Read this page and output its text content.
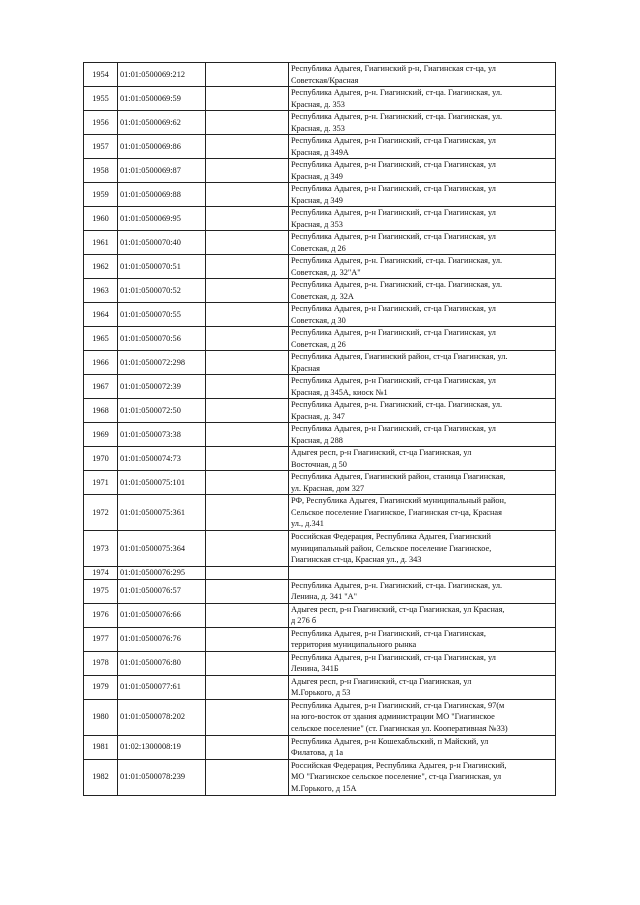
1954	01:01:0500069:212		Республика Адыгея, Гиагинский р-н, Гиагинская ст-ца, ул
Советская/Красная
1955	01:01:0500069:59		Республика Адыгея, р-н. Гиагинский, ст-ца. Гиагинская, ул.
Красная, д. 353
1956	01:01:0500069:62		Республика Адыгея, р-н. Гиагинский, ст-ца. Гиагинская, ул.
Красная, д. 353
1957	01:01:0500069:86		Республика Адыгея, р-н Гиагинский, ст-ца Гиагинская, ул
Красная, д 349А
1958	01:01:0500069:87		Республика Адыгея, р-н Гиагинский, ст-ца Гиагинская, ул
Красная, д 349
1959	01:01:0500069:88		Республика Адыгея, р-н Гиагинский, ст-ца Гиагинская, ул
Красная, д 349
1960	01:01:0500069:95		Республика Адыгея, р-н Гиагинский, ст-ца Гиагинская, ул
Красная, д 353
1961	01:01:0500070:40		Республика Адыгея, р-н Гиагинский, ст-ца Гиагинская, ул
Советская, д 26
1962	01:01:0500070:51		Республика Адыгея, р-н. Гиагинский, ст-ца. Гиагинская, ул.
Советская, д. 32"А"
1963	01:01:0500070:52		Республика Адыгея, р-н. Гиагинский, ст-ца. Гиагинская, ул.
Советская, д. 32А
1964	01:01:0500070:55		Республика Адыгея, р-н Гиагинский, ст-ца Гиагинская, ул
Советская, д 30
1965	01:01:0500070:56		Республика Адыгея, р-н Гиагинский, ст-ца Гиагинская, ул
Советская, д 26
1966	01:01:0500072:298		Республика Адыгея, Гиагинский район, ст-ца Гиагинская, ул.
Красная
1967	01:01:0500072:39		Республика Адыгея, р-н Гиагинский, ст-ца Гиагинская, ул
Красная, д 345А, киоск №1
1968	01:01:0500072:50		Республика Адыгея, р-н. Гиагинский, ст-ца. Гиагинская, ул.
Красная, д. 347
1969	01:01:0500073:38		Республика Адыгея, р-н Гиагинский, ст-ца Гиагинская, ул
Красная, д 288
1970	01:01:0500074:73		Адыгея респ, р-н Гиагинский, ст-ца Гиагинская, ул
Восточная, д 50
1971	01:01:0500075:101		Республика Адыгея, Гиагинский район, станица Гиагинская,
ул. Красная, дом 327
1972	01:01:0500075:361		РФ, Республика Адыгея, Гиагинский муниципальный район,
Сельское поселение Гиагинское, Гиагинская ст-ца, Красная
ул., д.341
1973	01:01:0500075:364		Российская Федерация, Республика Адыгея, Гиагинский
муниципальный район, Сельское поселение Гиагинское,
Гиагинская ст-ца, Красная ул., д. 343
1974	01:01:0500076:295		
1975	01:01:0500076:57		Республика Адыгея, р-н. Гиагинский, ст-ца. Гиагинская, ул.
Ленина, д. 341 "А"
1976	01:01:0500076:66		Адыгея респ, р-н Гиагинский, ст-ца Гиагинская, ул Красная,
д 276 б
1977	01:01:0500076:76		Республика Адыгея, р-н Гиагинский, ст-ца Гиагинская,
территория муниципального рынка
1978	01:01:0500076:80		Республика Адыгея, р-н Гиагинский, ст-ца Гиагинская, ул
Ленина, 341Б
1979	01:01:0500077:61		Адыгея респ, р-н Гиагинский, ст-ца Гиагинская, ул
М.Горького, д 53
1980	01:01:0500078:202		Республика Адыгея, р-н Гиагинский, ст-ца Гиагинская, 97(м
на юго-восток от здания администрации МО "Гиагинское
сельское поселение" (ст. Гиагинская ул. Кооперативная №33)
1981	01:02:1300008:19		Республика Адыгея, р-н Кошехабльский, п Майский, ул
Филатова, д 1а
1982	01:01:0500078:239		Российская Федерация, Республика Адыгея, р-н Гиагинский,
МО "Гиагинское сельское поселение", ст-ца Гиагинская, ул
М.Горького, д 15А
